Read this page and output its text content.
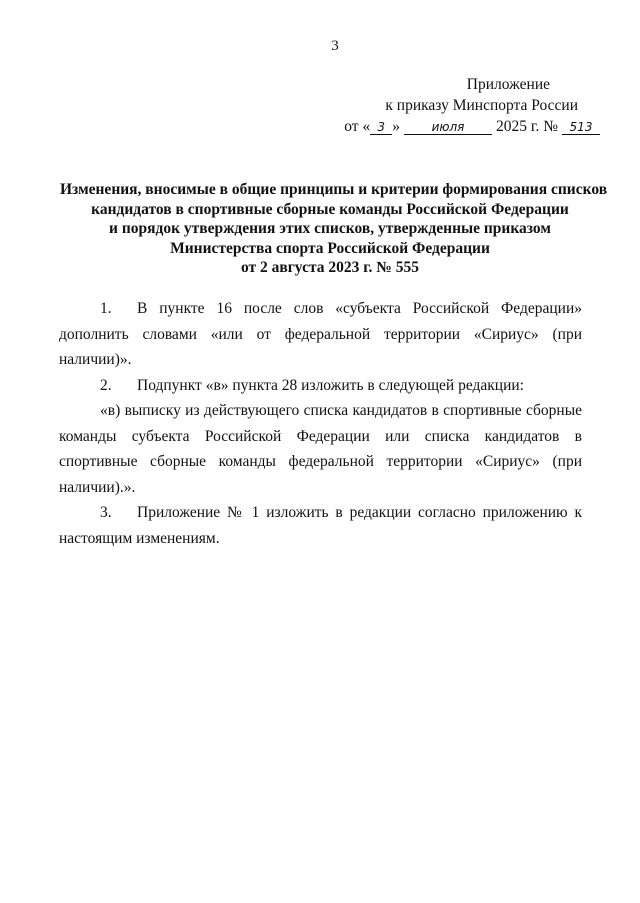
3
Приложение
к приказу Минспорта России
от « 3 »	июля	2025 г. № 513
Изменения, вносимые в общие принципы и критерии формирования списков
кандидатов в спортивные сборные команды Российской Федерации
и порядок утверждения этих списков, утвержденные приказом
Министерства спорта Российской Федерации
от 2 августа 2023 г. № 555

1. В пункте 16 после слов «субъекта Российской Федерации» дополнить словами «или от федеральной территории «Сириус» (при наличии)».

2. Подпункт «в» пункта 28 изложить в следующей редакции:

«в) выписку из действующего списка кандидатов в спортивные сборные команды субъекта Российской Федерации или списка кандидатов в спортивные сборные команды федеральной территории «Сириус» (при наличии).».

3. Приложение № 1 изложить в редакции согласно приложению к настоящим изменениям.
